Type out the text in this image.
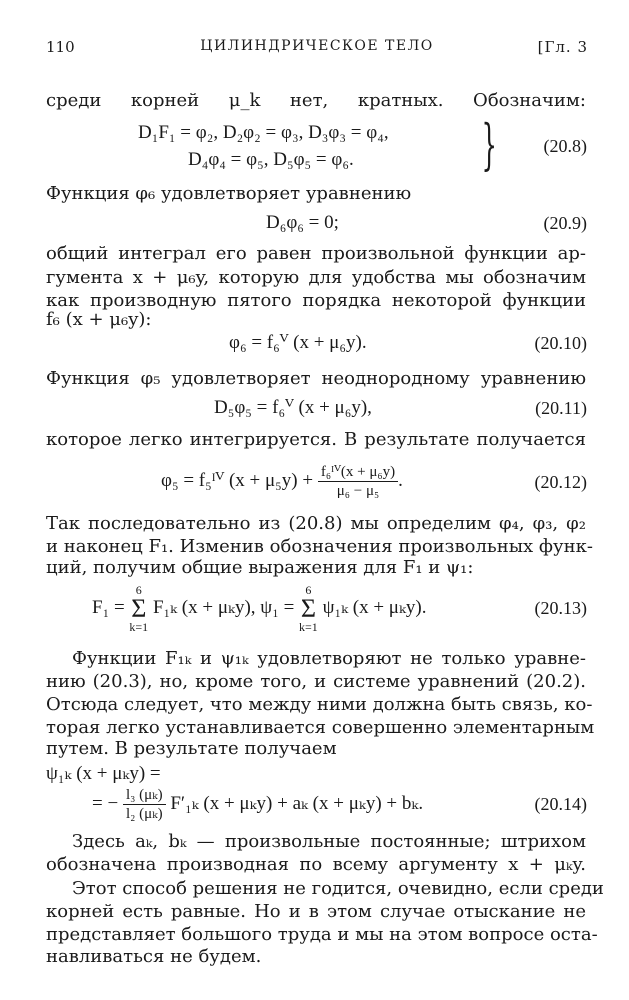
110	ЦИЛИНДРИЧЕСКОЕ ТЕЛО	[Гл. 3

среди корней μ_k нет, кратных. Обозначим:

D₁F₁ = φ₂, D₂φ₂ = φ₃, D₃φ₃ = φ₄,
D₄φ₄ = φ₅, D₅φ₅ = φ₆. }	(20.8)

Функция φ₆ удовлетворяет уравнению

D₆φ₆ = 0;	(20.9)

общий интеграл его равен произвольной функции ар-

гумента x + μ₆y, которую для удобства мы обозначим

как производную пятого порядка некоторой функции

f₆ (x + μ₆y):

φ₆ = f₆ⱽ (x + μ₆y).	(20.10)

Функция φ₅ удовлетворяет неоднородному уравнению

D₅φ₅ = f₆ⱽ (x + μ₆y),	(20.11)

которое легко интегрируется. В результате получается

φ₅ = f₅ᴵⱽ $(x + \mu_5y) + \frac{\text{f₆ᴵⱽ(x + μ₆y)}}{\text{μ₆ − μ₅}}$ .	(20.12)

Так последовательно из (20.8) мы определим φ₄, φ₃, φ₂

и наконец F₁. Изменив обозначения произвольных функ-

ций, получим общие выражения для F₁ и ψ₁:

F₁ = 6
Σ
k=1 F₁ₖ (x + μₖy), ψ₁ = 6
Σ
k=1 ψ₁ₖ (x + μₖy).	(20.13)

Функции F₁ₖ и ψ₁ₖ удовлетворяют не только уравне-

нию (20.3), но, кроме того, и системе уравнений (20.2).

Отсюда следует, что между ними должна быть связь, ко-

торая легко устанавливается совершенно элементарным

путем. В результате получаем

ψ₁ₖ (x + μₖy) =
= − $\frac{\text{l₃ (μₖ)}}{\text{l₂ (μₖ)}} F'_{1k}$ (x + μₖy) + aₖ (x + μₖy) + bₖ.	(20.14)

Здесь aₖ, bₖ — произвольные постоянные; штрихом

обозначена производная по всему аргументу x + μₖy.

Этот способ решения не годится, очевидно, если среди

корней есть равные. Но и в этом случае отыскание не

представляет большого труда и мы на этом вопросе оста-

навливаться не будем.
